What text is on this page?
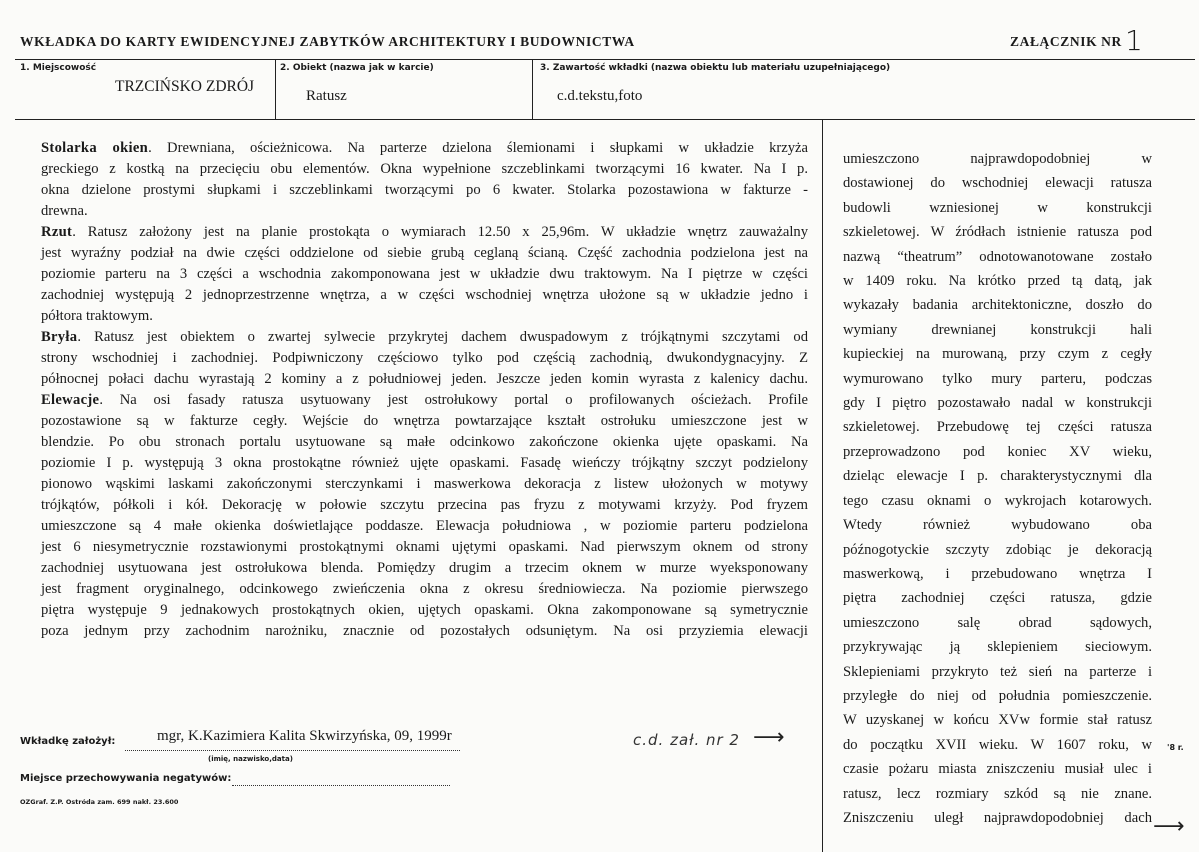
WKŁADKA DO KARTY EWIDENCYJNEJ ZABYTKÓW ARCHITEKTURY I BUDOWNICTWA	ZAŁĄCZNIK NR 1
1. Miejscowość
TRZCIŃSKO ZDRÓJ
2. Obiekt (nazwa jak w karcie)
Ratusz
3. Zawartość wkładki (nazwa obiektu lub materiału uzupełniającego)
c.d.tekstu,foto
Stolarka okien. Drewniana, ościeżnicowa. Na parterze dzielona ślemionami i słupkami w układzie krzyża
greckiego z kostką na przecięciu obu elementów. Okna wypełnione szczeblinkami tworzącymi 16 kwater. Na I p.
okna dzielone prostymi słupkami i szczeblinkami tworzącymi po 6 kwater. Stolarka pozostawiona w fakturze -
drewna.
Rzut. Ratusz założony jest na planie prostokąta o wymiarach 12.50 x 25,96m. W układzie wnętrz zauważalny
jest wyraźny podział na dwie części oddzielone od siebie grubą ceglaną ścianą. Część zachodnia podzielona jest na
poziomie parteru na 3 części a wschodnia zakomponowana jest w układzie dwu traktowym. Na I piętrze w części
zachodniej występują 2 jednoprzestrzenne wnętrza, a w części wschodniej wnętrza ułożone są w układzie jedno i
półtora traktowym.
Bryła. Ratusz jest obiektem o zwartej sylwecie przykrytej dachem dwuspadowym z trójkątnymi szczytami od
strony wschodniej i zachodniej. Podpiwniczony częściowo tylko pod częścią zachodnią, dwukondygnacyjny. Z
północnej połaci dachu wyrastają 2 kominy a z południowej jeden. Jeszcze jeden komin wyrasta z kalenicy dachu.
Elewacje. Na osi fasady ratusza usytuowany jest ostrołukowy portal o profilowanych ościeżach. Profile
pozostawione są w fakturze cegły. Wejście do wnętrza powtarzające kształt ostrołuku umieszczone jest w
blendzie. Po obu stronach portalu usytuowane są małe odcinkowo zakończone okienka ujęte opaskami. Na
poziomie I p. występują 3 okna prostokątne również ujęte opaskami. Fasadę wieńczy trójkątny szczyt podzielony
pionowo wąskimi laskami zakończonymi sterczynkami i maswerkowa dekoracja z listew ułożonych w motywy
trójkątów, półkoli i kół. Dekorację w połowie szczytu przecina pas fryzu z motywami krzyży. Pod fryzem
umieszczone są 4 małe okienka doświetlające poddasze. Elewacja południowa , w poziomie parteru podzielona
jest 6 niesymetrycznie rozstawionymi prostokątnymi oknami ujętymi opaskami. Nad pierwszym oknem od strony
zachodniej usytuowana jest ostrołukowa blenda. Pomiędzy drugim a trzecim oknem w murze wyeksponowany
jest fragment oryginalnego, odcinkowego zwieńczenia okna z okresu średniowiecza. Na poziomie pierwszego
piętra występuje 9 jednakowych prostokątnych okien, ujętych opaskami. Okna zakomponowane są symetrycznie
poza jednym przy zachodnim narożniku, znacznie od pozostałych odsuniętym. Na osi przyziemia elewacji
umieszczono najprawdopodobniej w
dostawionej do wschodniej elewacji ratusza
budowli wzniesionej w konstrukcji
szkieletowej. W źródłach istnienie ratusza pod
nazwą “theatrum” odnotowanotowane zostało
w 1409 roku. Na krótko przed tą datą, jak
wykazały badania architektoniczne, doszło do
wymiany drewnianej konstrukcji hali
kupieckiej na murowaną, przy czym z cegły
wymurowano tylko mury parteru, podczas
gdy I piętro pozostawało nadal w konstrukcji
szkieletowej. Przebudowę tej części ratusza
przeprowadzono pod koniec XV wieku,
dzieląc elewacje I p. charakterystycznymi dla
tego czasu oknami o wykrojach kotarowych.
Wtedy również wybudowano oba
późnogotyckie szczyty zdobiąc je dekoracją
maswerkową, i przebudowano wnętrza I
piętra zachodniej części ratusza, gdzie
umieszczono salę obrad sądowych,
przykrywając ją sklepieniem sieciowym.
Sklepieniami przykryto też sień na parterze i
przyległe do niej od południa pomieszczenie.
W uzyskanej w końcu XVw formie stał ratusz
do początku XVII wieku. W 1607 roku, w
czasie pożaru miasta zniszczeniu musiał ulec i
ratusz, lecz rozmiary szkód są nie znane.
Zniszczeniu uległ najprawdopodobniej dach
Wkładkę założył:	mgr, K.Kazimiera Kalita Skwirzyńska, 09, 1999r
(imię, nazwisko,data)
c.d. zał. nr 2 ⟶
Miejsce przechowywania negatywów:
OZGraf. Z.P. Ostróda zam. 699 nakł. 23.600
'8 r.
⟶
